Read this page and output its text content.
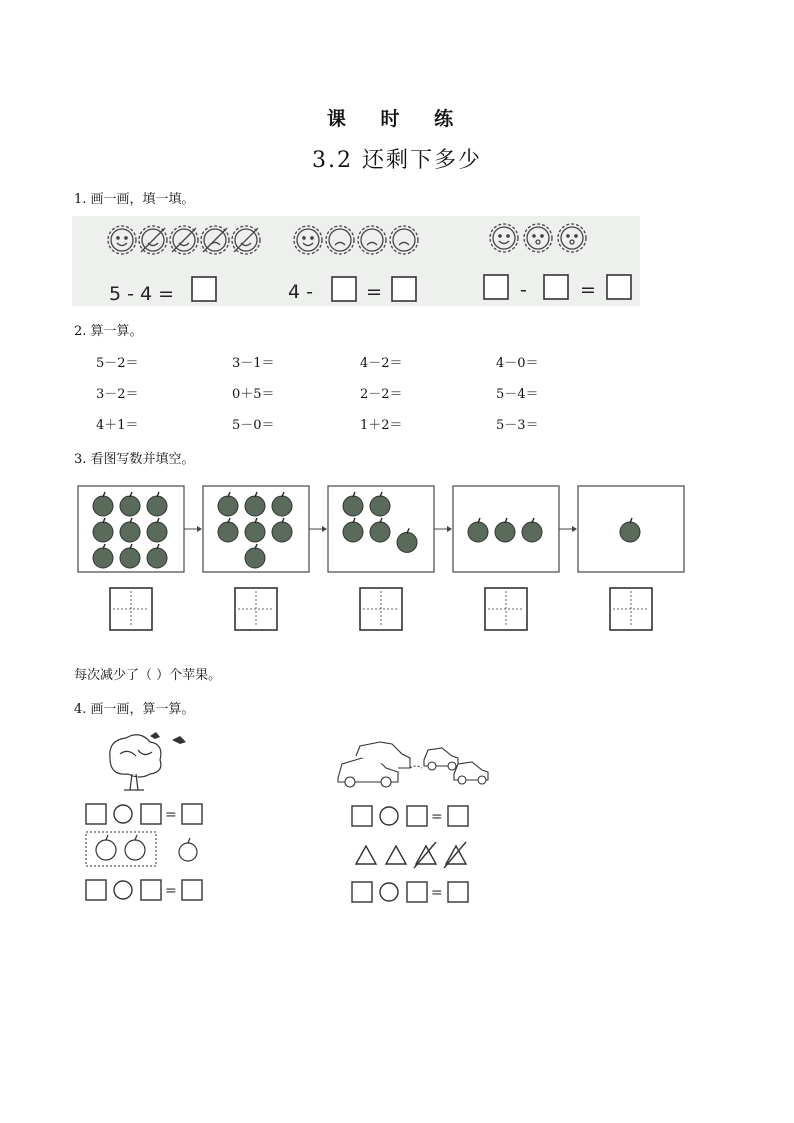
课 时 练
3.2 还剩下多少
1. 画一画，填一填。
5 - 4 =	4 -	=	-	=
2. 算一算。
5－2＝	3－1＝	4－2＝	4－0＝
3－2＝	0＋5＝	2－2＝	5－4＝
4＋1＝	5－0＝	1＋2＝	5－3＝
3. 看图写数并填空。
每次减少了（ ）个苹果。
4. 画一画，算一算。
=
=
=
=
